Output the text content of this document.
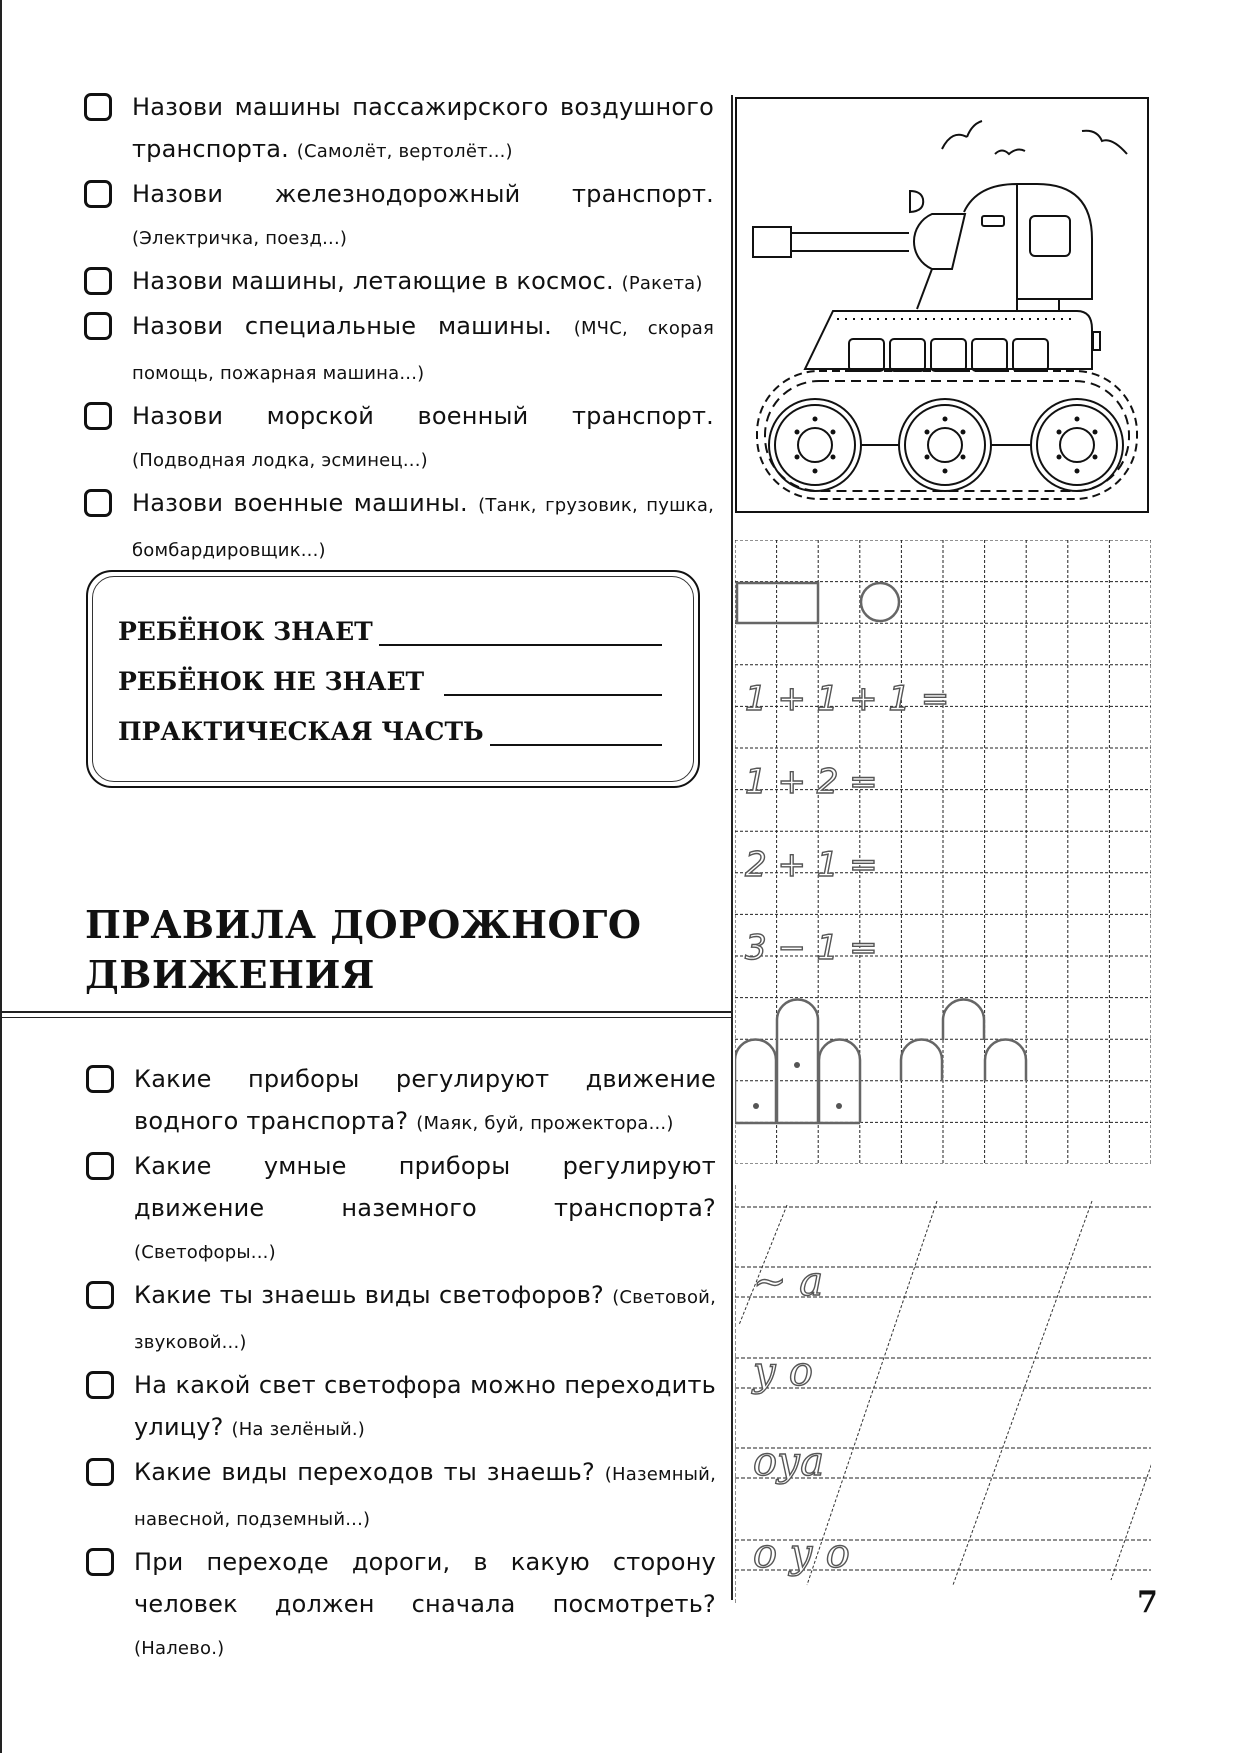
Назови машины пассажирского воздушного транспорта. (Самолёт, вертолёт...)
Назови железнодорожный транспорт. (Электричка, поезд...)
Назови машины, летающие в космос. (Ракета)
Назови специальные машины. (МЧС, скорая помощь, пожарная машина...)
Назови морской военный транспорт. (Подводная лодка, эсминец...)
Назови военные машины. (Танк, грузовик, пушка, бомбардировщик...)
РЕБЁНОК ЗНАЕТ
РЕБЁНОК НЕ ЗНАЕТ
ПРАКТИЧЕСКАЯ ЧАСТЬ
ПРАВИЛА ДОРОЖНОГО
ДВИЖЕНИЯ
Какие приборы регулируют движение водного транспорта? (Маяк, буй, прожектора...)
Какие умные приборы регулируют движение наземного транспорта? (Светофоры...)
Какие ты знаешь виды светофоров? (Световой, звуковой...)
На какой свет светофора можно переходить улицу? (На зелёный.)
Какие виды переходов ты знаешь? (Наземный, навесной, подземный...)
При переходе дороги, в какую сторону человек должен сначала посмотреть? (Налево.)
1 + 1 + 1 =
1 + 2 =
2 + 1 =
3 − 1 =
~ а
у о
оуа
о у о
7
